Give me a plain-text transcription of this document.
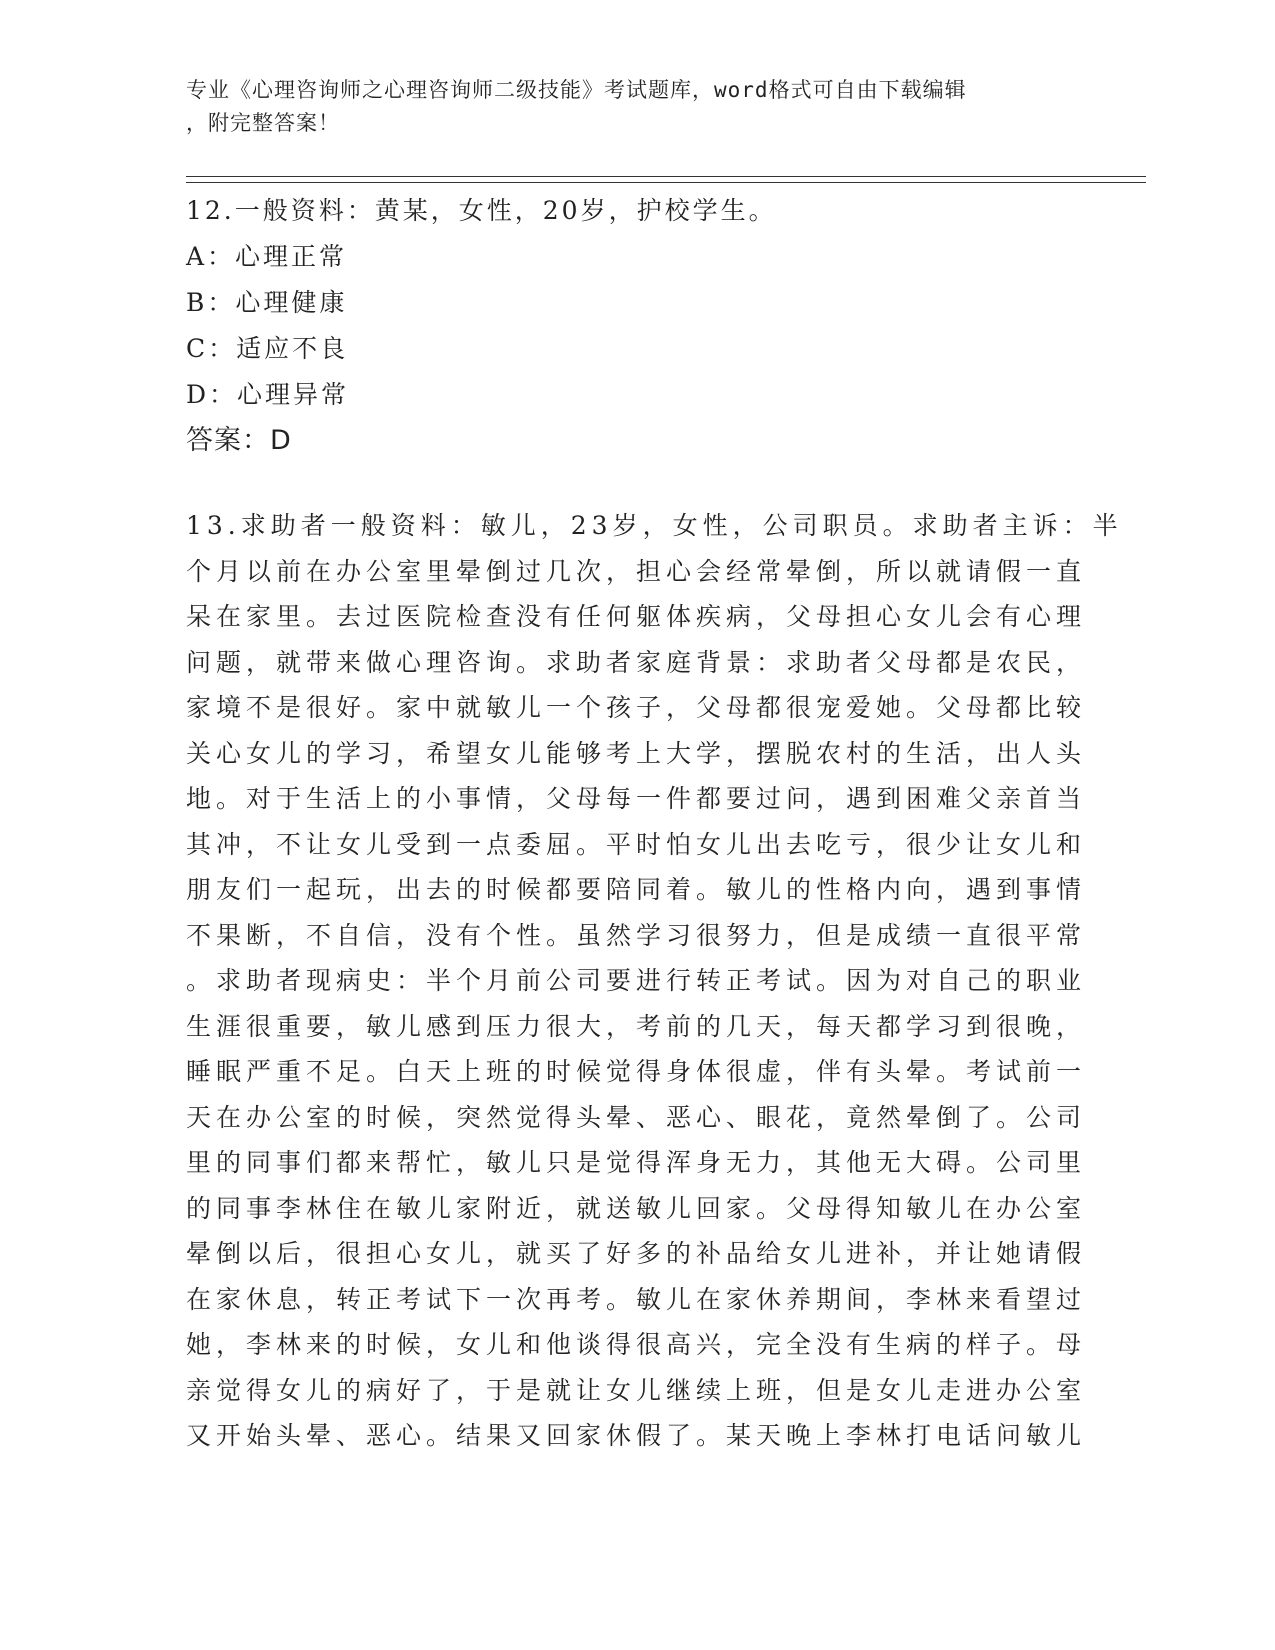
专业《心理咨询师之心理咨询师二级技能》考试题库，word格式可自由下载编辑

，附完整答案！

12.一般资料：黄某，女性，20岁，护校学生。
A：心理正常
B：心理健康
C：适应不良
D：心理异常
答案：D
13.求助者一般资料：敏儿，23岁，女性，公司职员。求助者主诉：半
个月以前在办公室里晕倒过几次，担心会经常晕倒，所以就请假一直
呆在家里。去过医院检查没有任何躯体疾病，父母担心女儿会有心理
问题，就带来做心理咨询。求助者家庭背景：求助者父母都是农民，
家境不是很好。家中就敏儿一个孩子，父母都很宠爱她。父母都比较
关心女儿的学习，希望女儿能够考上大学，摆脱农村的生活，出人头
地。对于生活上的小事情，父母每一件都要过问，遇到困难父亲首当
其冲，不让女儿受到一点委屈。平时怕女儿出去吃亏，很少让女儿和
朋友们一起玩，出去的时候都要陪同着。敏儿的性格内向，遇到事情
不果断，不自信，没有个性。虽然学习很努力，但是成绩一直很平常
。求助者现病史：半个月前公司要进行转正考试。因为对自己的职业
生涯很重要，敏儿感到压力很大，考前的几天，每天都学习到很晚，
睡眠严重不足。白天上班的时候觉得身体很虚，伴有头晕。考试前一
天在办公室的时候，突然觉得头晕、恶心、眼花，竟然晕倒了。公司
里的同事们都来帮忙，敏儿只是觉得浑身无力，其他无大碍。公司里
的同事李林住在敏儿家附近，就送敏儿回家。父母得知敏儿在办公室
晕倒以后，很担心女儿，就买了好多的补品给女儿进补，并让她请假
在家休息，转正考试下一次再考。敏儿在家休养期间，李林来看望过
她，李林来的时候，女儿和他谈得很高兴，完全没有生病的样子。母
亲觉得女儿的病好了，于是就让女儿继续上班，但是女儿走进办公室
又开始头晕、恶心。结果又回家休假了。某天晚上李林打电话问敏儿
